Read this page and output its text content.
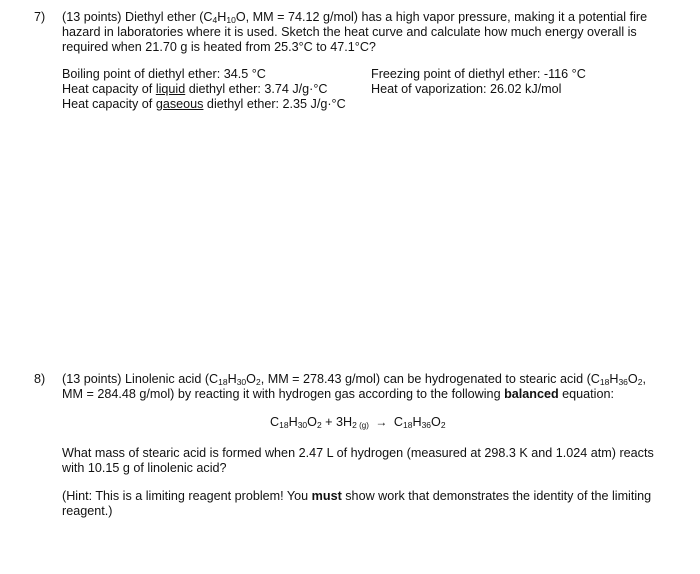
7) (13 points) Diethyl ether ($C_4H_{10}O$, MM = 74.12 g/mol) has a high vapor pressure, making it a potential fire
hazard in laboratories where it is used. Sketch the heat curve and calculate how much energy overall is
required when 21.70 g is heated from 25.3°C to 47.1°C?
Boiling point of diethyl ether: 34.5 °C
Heat capacity of liquid diethyl ether: 3.74 J/g·°C
Heat capacity of gaseous diethyl ether: 2.35 J/g·°C
Freezing point of diethyl ether: -116 °C
Heat of vaporization: 26.02 kJ/mol
8) (13 points) Linolenic acid ($C_{18}H_{30}O_2$, MM = 278.43 g/mol) can be hydrogenated to stearic acid ($C_{18}H_{36}O_2$,
MM = 284.48 g/mol) by reacting it with hydrogen gas according to the following balanced equation:
$C_{18}H_{30}O_2 + 3H_2$ $(g) \to C_{18}H_{36}O_2$
What mass of stearic acid is formed when 2.47 L of hydrogen (measured at 298.3 K and 1.024 atm) reacts
with 10.15 g of linolenic acid?
(Hint: This is a limiting reagent problem! You must show work that demonstrates the identity of the limiting
reagent.)
